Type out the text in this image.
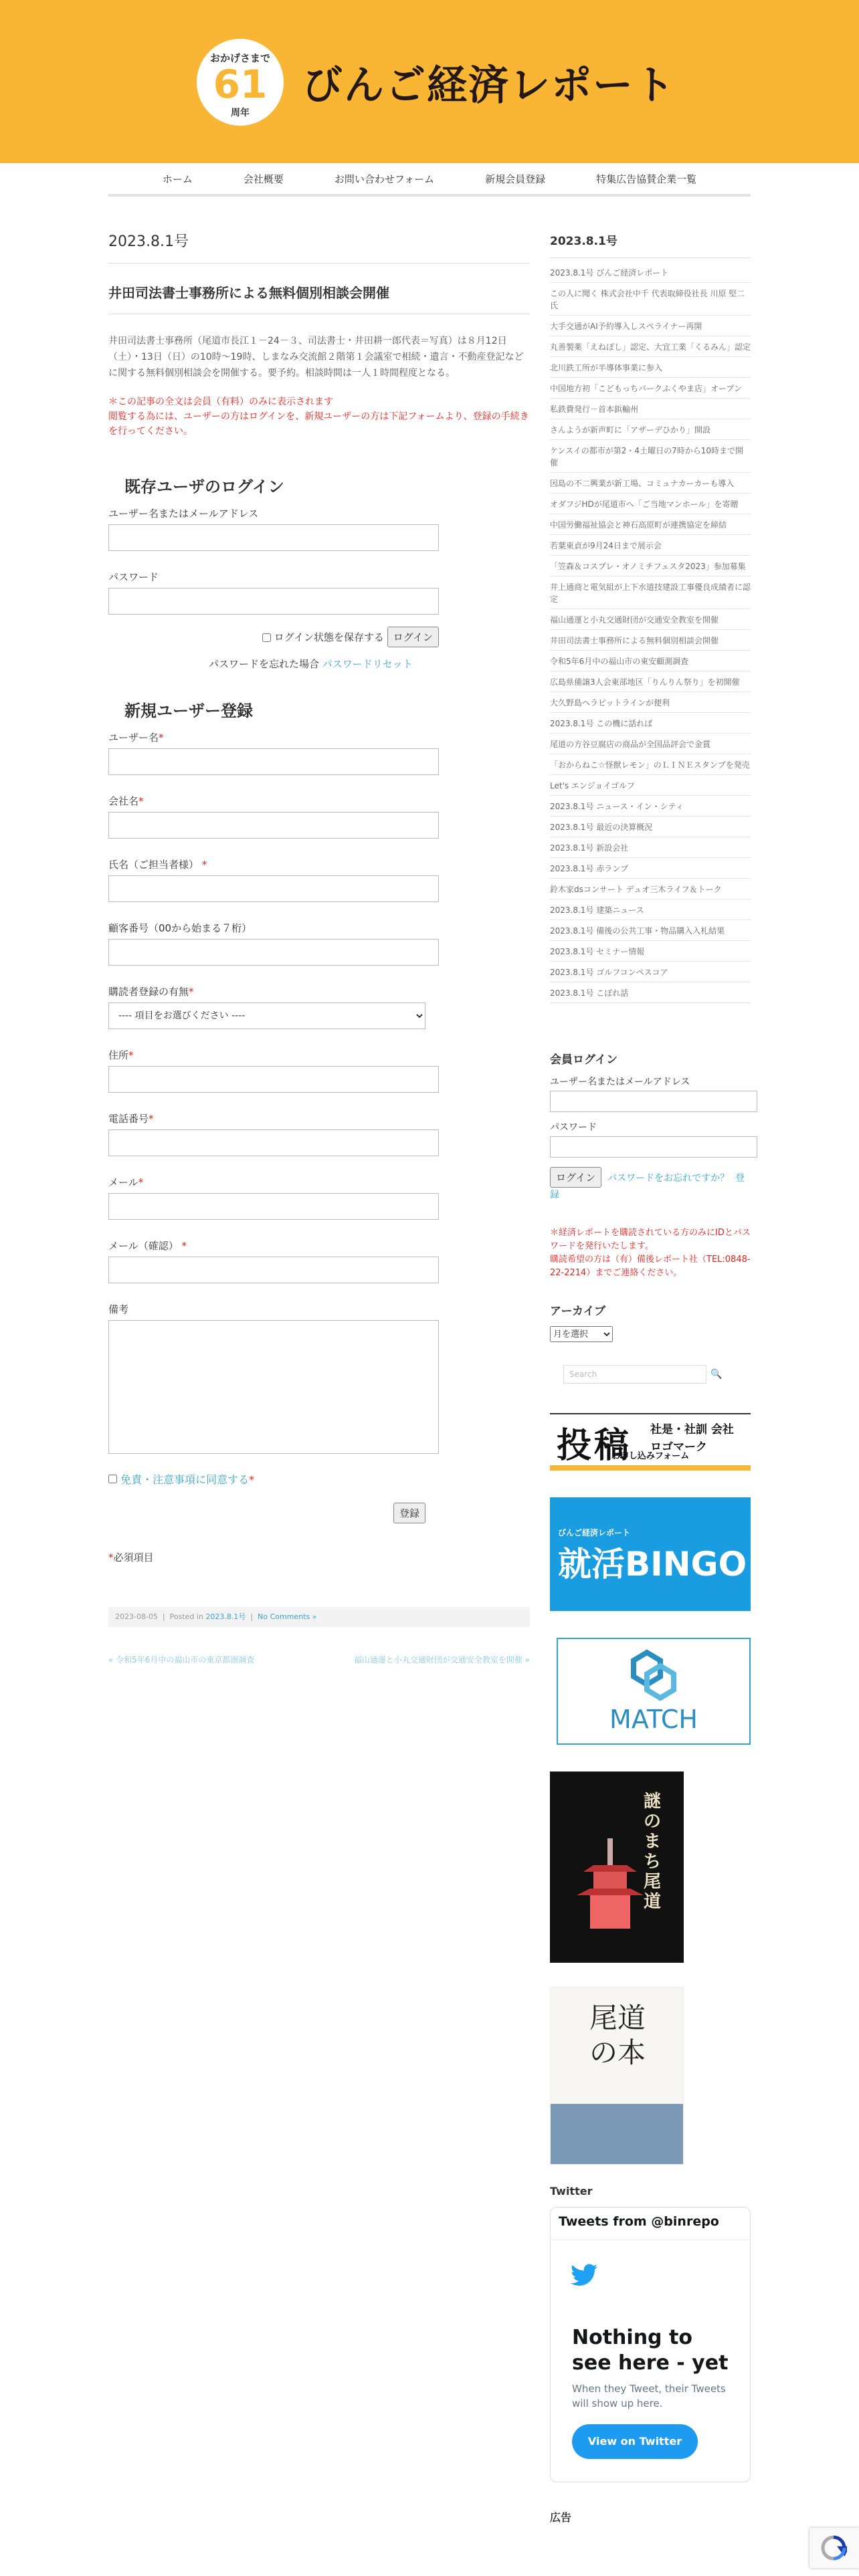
おかげさまで
61
周年
びんご経済レポート
ホーム	会社概要	お問い合わせフォーム	新規会員登録	特集広告協賛企業一覧
2023.8.1号
井田司法書士事務所による無料個別相談会開催
井田司法書士事務所（尾道市長江１－24－３、司法書士・井田耕一郎代表＝写真）は８月12日（土）・13日（日）の10時～19時、しまなみ交流館２階第１会議室で相続・遺言・不動産登記などに関する無料個別相談会を開催する。要予約。相談時間は一人１時間程度となる。
＊この記事の全文は会員（有料）のみに表示されます
閲覧する為には、ユーザーの方はログインを、新規ユーザーの方は下記フォームより、登録の手続きを行ってください。
既存ユーザのログイン
ユーザー名またはメールアドレス
パスワード
ログイン状態を保存する ログイン
パスワードを忘れた場合 パスワードリセット
新規ユーザー登録
ユーザー名*
会社名*
氏名（ご担当者様） *
顧客番号（00から始まる７桁）
購読者登録の有無*
---- 項目をお選びください ----
住所*
電話番号*
メール*
メール（確認） *
備考
免責・注意事項に同意する*
登録
*必須項目
2023-08-05  |  Posted in 2023.8.1号  |  No Comments »
« 令和5年6月中の福山市の東京都圏調査	福山通運と小丸交通財団が交通安全教室を開催 »
2023.8.1号
2023.8.1号 びんご経済レポート
この人に聞く 株式会社中千 代表取締役社長 川原 堅二氏
大手交通がAI予約導入しスペライナー再開
丸善製薬「えねぽし」認定、大宜工業「くるみん」認定
北川鉄工所が半導体事業に参入
中国地方初「こどもっちパークふくやま店」オープン
私鉄費発行－首本鋲輸州
さんようが新声町に「アザーデひかり」開設
ケンスイの都市が第2・4土曜日の7時から10時まで開催
因島の不二興業が新工場、コミュナカーカーも導入
オダフジHDが尾道市へ「ご当地マンホール」を寄贈
中国労働福祉協会と神石高原町が連携協定を締結
若葉東貞が9月24日まで展示会
「笠森＆コスプレ・オノミチフェスタ2023」参加募集
井上通商と電気組が上下水道技建設工事優良成績者に認定
福山通運と小丸交通財団が交通安全教室を開催
井田司法書士事務所による無料個別相談会開催
令和5年6月中の福山市の東安顧測調査
広島県備譲3人会東部地区「りんりん祭り」を初開催
大久野島ヘラピットラインが便利
2023.8.1号 この機に話れば
尾道の方谷豆腐店の商品が全国品評会で金賞
「おからねこ☆怪獣レモン」のＬＩＮＥスタンプを発売
Let's エンジョイゴルフ
2023.8.1号 ニュース・イン・シティ
2023.8.1号 最近の決算概況
2023.8.1号 新設会社
2023.8.1号 赤ランプ
鈴木家dsコンサート デュオ三木ライフ＆トーク
2023.8.1号 建築ニュース
2023.8.1号 備後の公共工事・物品購入入札結果
2023.8.1号 セミナー情報
2023.8.1号 ゴルフコンペスコア
2023.8.1号 こぼれ話
会員ログイン
ユーザー名またはメールアドレス
パスワード
ログイン パスワードをお忘れですか？ 登録
＊経済レポートを購読されている方のみにIDとパスワードを発行いたします。
購読希望の方は（有）備後レポート社（TEL:0848-22-2214）までご連絡ください。
アーカイブ
月を選択
Search	🔍
投稿 社是・社訓 会社ロゴマーク
お申し込みフォーム
びんご経済レポート
就活BINGO
MATCH
謎のまち尾道
尾道の本
Twitter
Tweets from @binrepo
Nothing to see here - yet
When they Tweet, their Tweets will show up here.
View on Twitter
広告
